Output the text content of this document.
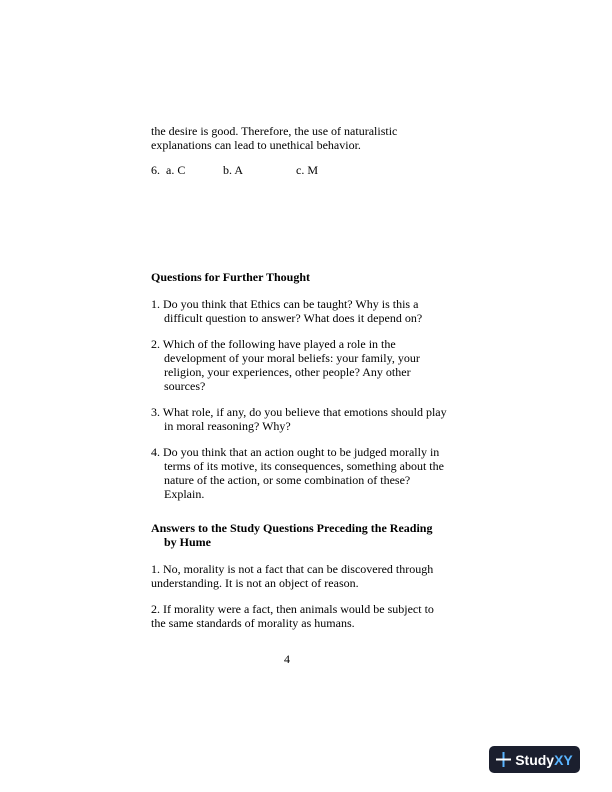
the desire is good. Therefore, the use of naturalistic

explanations can lead to unethical behavior.

6. a. C	b. A	c. M

Questions for Further Thought

1. Do you think that Ethics can be taught? Why is this a difficult question to answer? What does it depend on?

2. Which of the following have played a role in the development of your moral beliefs: your family, your religion, your experiences, other people? Any other sources?

3. What role, if any, do you believe that emotions should play in moral reasoning? Why?

4. Do you think that an action ought to be judged morally in terms of its motive, its consequences, something about the nature of the action, or some combination of these? Explain.

Answers to the Study Questions Preceding the Reading

by Hume

1. No, morality is not a fact that can be discovered through understanding. It is not an object of reason.

2. If morality were a fact, then animals would be subject to the same standards of morality as humans.

4
Study XY
